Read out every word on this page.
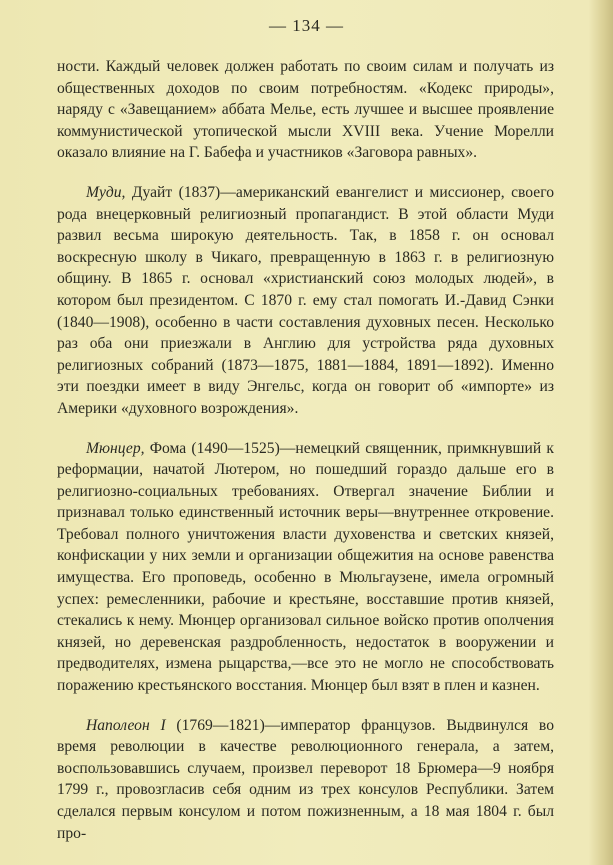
— 134 —

ности. Каждый человек должен работать по своим силам и получать из общественных доходов по своим потребностям. «Кодекс природы», наряду с «Завещанием» аббата Мелье, есть лучшее и высшее проявление коммунистической утопической мысли XVIII века. Учение Морелли оказало влияние на Г. Бабефа и участников «Заговора равных».

Муди, Дуайт (1837)—американский евангелист и миссионер, своего рода внецерковный религиозный пропагандист. В этой области Муди развил весьма широкую деятельность. Так, в 1858 г. он основал воскресную школу в Чикаго, превращенную в 1863 г. в религиозную общину. В 1865 г. основал «христианский союз молодых людей», в котором был президентом. С 1870 г. ему стал помогать И.-Давид Сэнки (1840—1908), особенно в части составления духовных песен. Несколько раз оба они приезжали в Англию для устройства ряда духовных религиозных собраний (1873—1875, 1881—1884, 1891—1892). Именно эти поездки имеет в виду Энгельс, когда он говорит об «импорте» из Америки «духовного возрождения».

Мюнцер, Фома (1490—1525)—немецкий священник, примкнувший к реформации, начатой Лютером, но пошедший гораздо дальше его в религиозно-социальных требованиях. Отвергал значение Библии и признавал только единственный источник веры—внутреннее откровение. Требовал полного уничтожения власти духовенства и светских князей, конфискации у них земли и организации общежития на основе равенства имущества. Его проповедь, особенно в Мюльгаузене, имела огромный успех: ремесленники, рабочие и крестьяне, восставшие против князей, стекались к нему. Мюнцер организовал сильное войско против ополчения князей, но деревенская раздробленность, недостаток в вооружении и предводителях, измена рыцарства,—все это не могло не способствовать поражению крестьянского восстания. Мюнцер был взят в плен и казнен.

Наполеон I (1769—1821)—император французов. Выдвинулся во время революции в качестве революционного генерала, а затем, воспользовавшись случаем, произвел переворот 18 Брюмера—9 ноября 1799 г., провозгласив себя одним из трех консулов Республики. Затем сделался первым консулом и потом пожизненным, а 18 мая 1804 г. был про-
